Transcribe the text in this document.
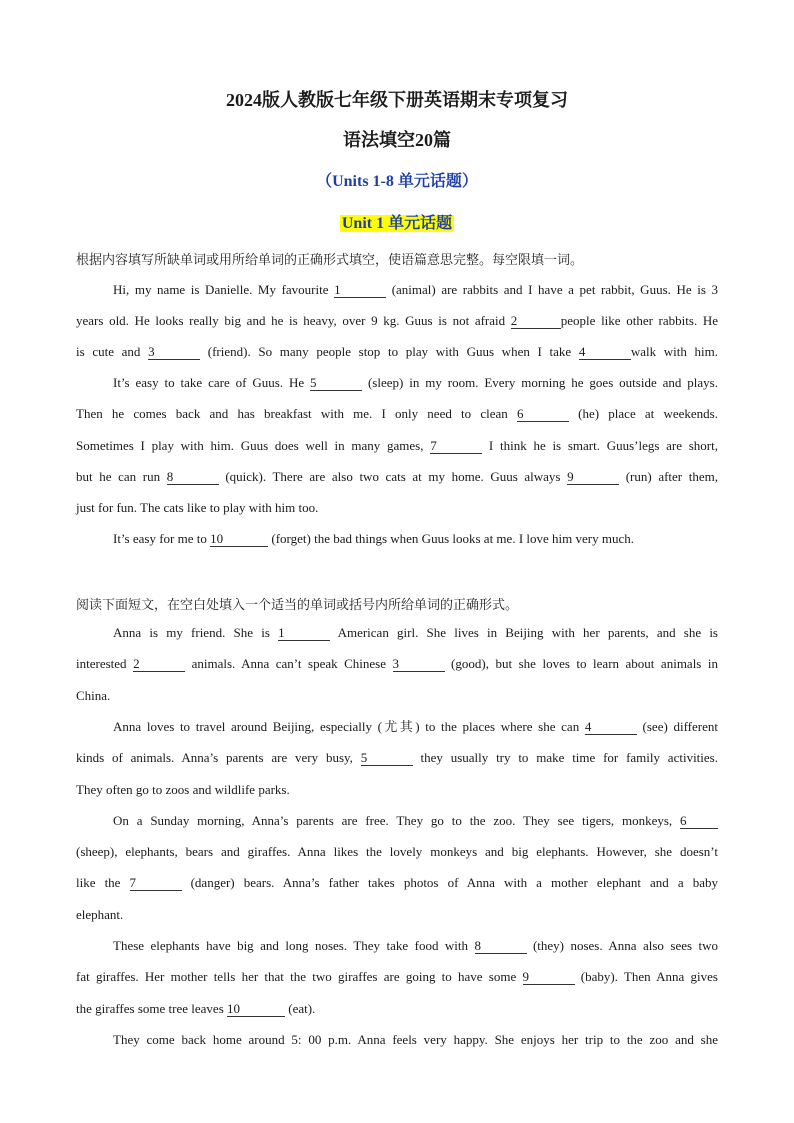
2024版人教版七年级下册英语期末专项复习
语法填空20篇
（Units 1-8 单元话题）
Unit 1 单元话题
根据内容填写所缺单词或用所给单词的正确形式填空，使语篇意思完整。每空限填一词。
Hi, my name is Danielle. My favourite 1	(animal) are rabbits and I have a pet rabbit, Guus. He is 3
years old. He looks really big and he is heavy, over 9 kg. Guus is not afraid 2	people like other rabbits. He
is cute and 3	(friend). So many people stop to play with Guus when I take 4	walk with him.
It’s easy to take care of Guus. He 5	(sleep) in my room. Every morning he goes outside and plays.
Then he comes back and has breakfast with me. I only need to clean 6	(he) place at weekends.
Sometimes I play with him. Guus does well in many games, 7	I think he is smart. Guus’legs are short,
but he can run 8	(quick). There are also two cats at my home. Guus always 9	(run) after them,
just for fun. The cats like to play with him too.
It’s easy for me to 10	(forget) the bad things when Guus looks at me. I love him very much.
阅读下面短文，在空白处填入一个适当的单词或括号内所给单词的正确形式。
Anna is my friend. She is 1	American girl. She lives in Beijing with her parents, and she is
interested 2	animals. Anna can’t speak Chinese 3	(good), but she loves to learn about animals in
China.
Anna loves to travel around Beijing, especially (尤其) to the places where she can 4	(see) different
kinds of animals. Anna’s parents are very busy, 5	they usually try to make time for family activities.
They often go to zoos and wildlife parks.
On a Sunday morning, Anna’s parents are free. They go to the zoo. They see tigers, monkeys, 6
(sheep), elephants, bears and giraffes. Anna likes the lovely monkeys and big elephants. However, she doesn’t
like the 7	(danger) bears. Anna’s father takes photos of Anna with a mother elephant and a baby
elephant.
These elephants have big and long noses. They take food with 8	(they) noses. Anna also sees two
fat giraffes. Her mother tells her that the two giraffes are going to have some 9	(baby). Then Anna gives
the giraffes some tree leaves 10	(eat).
They come back home around 5: 00 p.m. Anna feels very happy. She enjoys her trip to the zoo and she
